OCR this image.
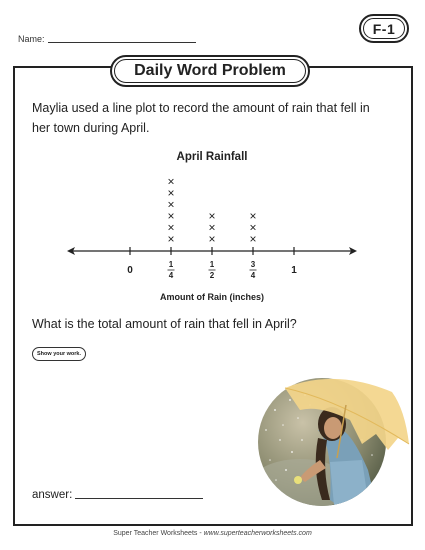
Name:
F-1
Daily Word Problem
Maylia used a line plot to record the amount of rain that fell in her town during April.
April Rainfall
0
1
4
1
2
3
4	1
×
×
×
×
×
×
×
×
×
×
×
×
Amount of Rain (inches)
What is the total amount of rain that fell in April?
Show your work.
answer:
Super Teacher Worksheets - www.superteacherworksheets.com
